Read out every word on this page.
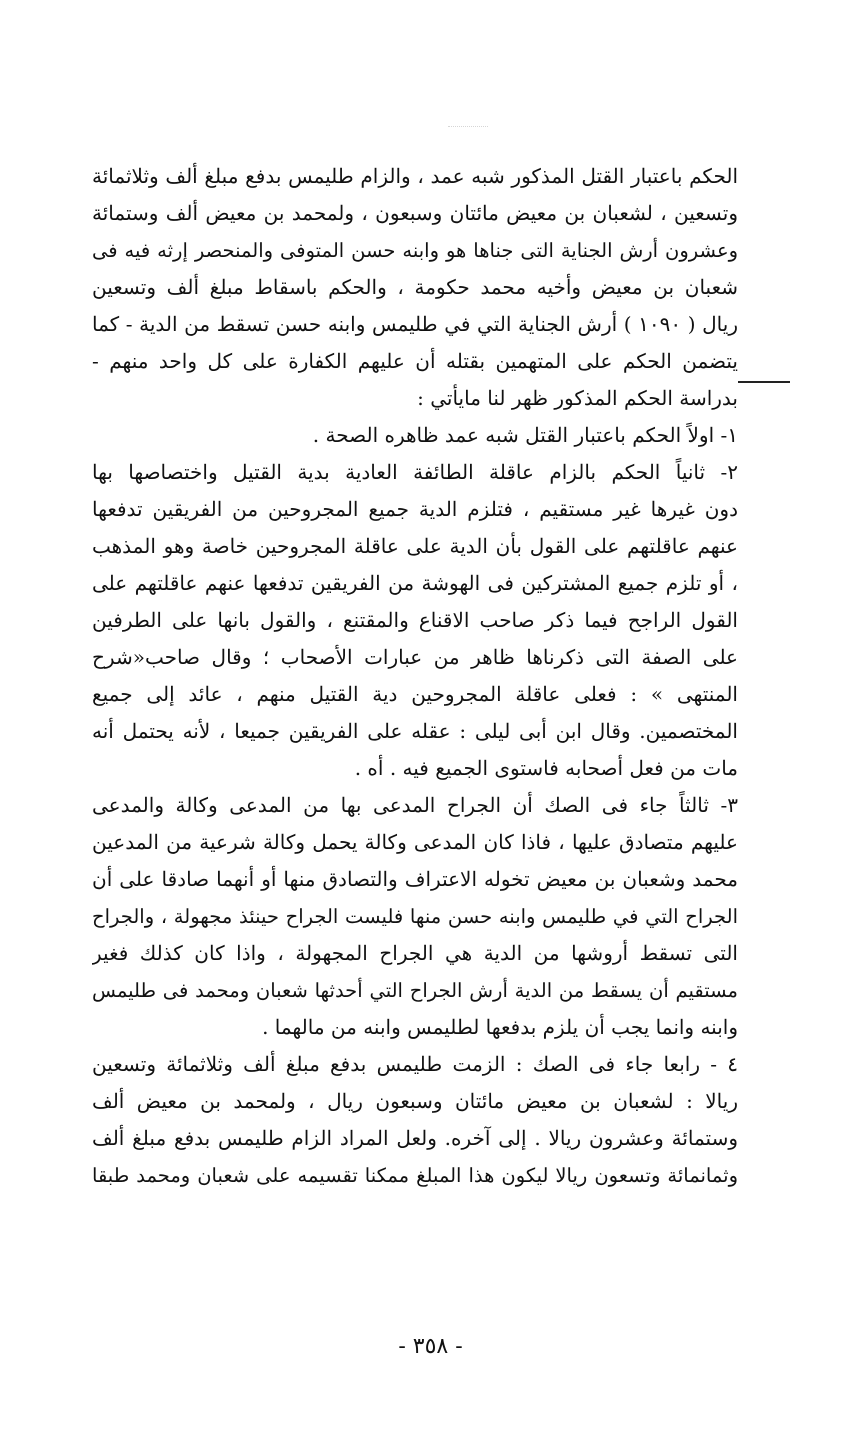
الحكم باعتبار القتل المذكور شبه عمد ، والزام طليمس بدفع مبلغ ألف وثلاثمائة
وتسعين ، لشعبان بن معيض مائتان وسبعون ، ولمحمد بن معيض ألف وستمائة
وعشرون أرش الجناية التى جناها هو وابنه حسن المتوفى والمنحصر إرثه فيه فى
شعبان بن معيض وأخيه محمد حكومة ، والحكم باسقاط مبلغ ألف وتسعين
ريال ( ١٠٩٠ ) أرش الجناية التي في طليمس وابنه حسن تسقط من الدية - كما
يتضمن الحكم على المتهمين بقتله أن عليهم الكفارة على كل واحد منهم -
بدراسة الحكم المذكور ظهر لنا مايأتي :
١- اولاً الحكم باعتبار القتل شبه عمد ظاهره الصحة .
٢- ثانياً الحكم بالزام عاقلة الطائفة العادية بدية القتيل واختصاصها بها
دون غيرها غير مستقيم ، فتلزم الدية جميع المجروحين من الفريقين تدفعها
عنهم عاقلتهم على القول بأن الدية على عاقلة المجروحين خاصة وهو المذهب
، أو تلزم جميع المشتركين فى الهوشة من الفريقين تدفعها عنهم عاقلتهم على
القول الراجح فيما ذكر صاحب الاقناع والمقتنع ، والقول بانها على الطرفين
على الصفة التى ذكرناها ظاهر من عبارات الأصحاب ؛ وقال صاحب«شرح
المنتهى » : فعلى عاقلة المجروحين دية القتيل منهم ، عائد إلى جميع
المختصمين. وقال ابن أبى ليلى : عقله على الفريقين جميعا ، لأنه يحتمل أنه
مات من فعل أصحابه فاستوى الجميع فيه . أه .
٣- ثالثاً جاء فى الصك أن الجراح المدعى بها من المدعى وكالة والمدعى
عليهم متصادق عليها ، فاذا كان المدعى وكالة يحمل وكالة شرعية من المدعين
محمد وشعبان بن معيض تخوله الاعتراف والتصادق منها أو أنهما صادقا على أن
الجراح التي في طليمس وابنه حسن منها فليست الجراح حينئذ مجهولة ، والجراح
التى تسقط أروشها من الدية هي الجراح المجهولة ، واذا كان كذلك فغير
مستقيم أن يسقط من الدية أرش الجراح التي أحدثها شعبان ومحمد فى طليمس
وابنه وانما يجب أن يلزم بدفعها لطليمس وابنه من مالهما .
٤ - رابعا جاء فى الصك : الزمت طليمس بدفع مبلغ ألف وثلاثمائة وتسعين
ريالا : لشعبان بن معيض مائتان وسبعون ريال ، ولمحمد بن معيض ألف
وستمائة وعشرون ريالا . إلى آخره. ولعل المراد الزام طليمس بدفع مبلغ ألف
وثمانمائة وتسعون ريالا ليكون هذا المبلغ ممكنا تقسيمه على شعبان ومحمد طبقا
- ٣٥٨ -
